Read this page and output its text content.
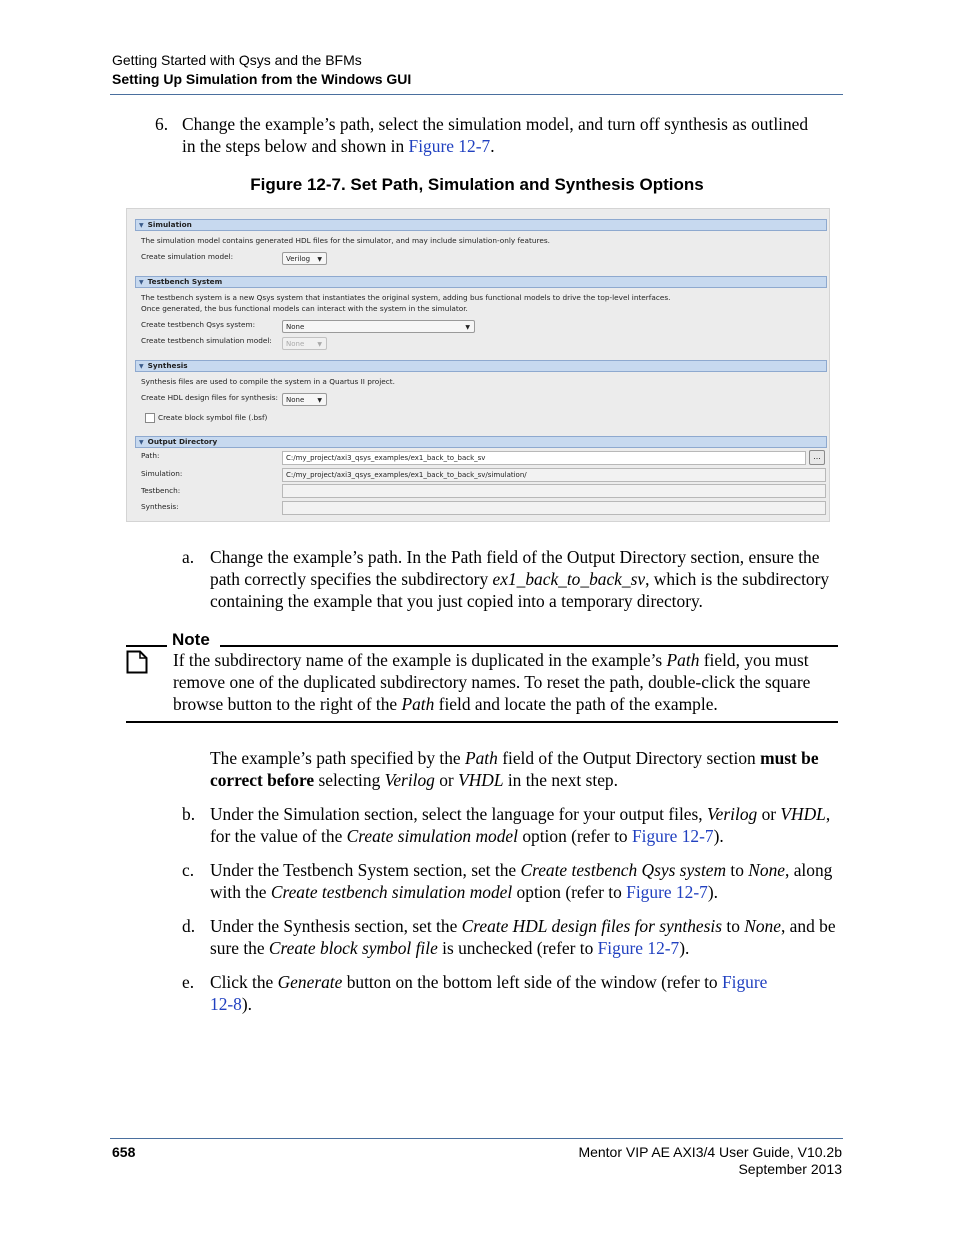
Getting Started with Qsys and the BFMs
Setting Up Simulation from the Windows GUI
6. Change the example’s path, select the simulation model, and turn off synthesis as outlined in the steps below and shown in Figure 12-7.
Figure 12-7. Set Path, Simulation and Synthesis Options
▼ Simulation
The simulation model contains generated HDL files for the simulator, and may include simulation-only features.
Create simulation model:	Verilog ▼
▼ Testbench System
The testbench system is a new Qsys system that instantiates the original system, adding bus functional models to drive the top-level interfaces.
Once generated, the bus functional models can interact with the system in the simulator.
Create testbench Qsys system:	None	▼
Create testbench simulation model:	None ▼
▼ Synthesis
Synthesis files are used to compile the system in a Quartus II project.
Create HDL design files for synthesis:	None ▼
Create block symbol file (.bsf)
▼ Output Directory
Path:	C:/my_project/axi3_qsys_examples/ex1_back_to_back_sv	...
Simulation:	C:/my_project/axi3_qsys_examples/ex1_back_to_back_sv/simulation/
Testbench:
Synthesis:
a. Change the example’s path. In the Path field of the Output Directory section, ensure the path correctly specifies the subdirectory ex1_back_to_back_sv, which is the subdirectory containing the example that you just copied into a temporary directory.
Note
If the subdirectory name of the example is duplicated in the example’s Path field, you must remove one of the duplicated subdirectory names. To reset the path, double-click the square browse button to the right of the Path field and locate the path of the example.
The example’s path specified by the Path field of the Output Directory section must be correct before selecting Verilog or VHDL in the next step.
b. Under the Simulation section, select the language for your output files, Verilog or VHDL, for the value of the Create simulation model option (refer to Figure 12-7).
c. Under the Testbench System section, set the Create testbench Qsys system to None, along with the Create testbench simulation model option (refer to Figure 12-7).
d. Under the Synthesis section, set the Create HDL design files for synthesis to None, and be sure the Create block symbol file is unchecked (refer to Figure 12-7).
e. Click the Generate button on the bottom left side of the window (refer to Figure 12-8).
658	Mentor VIP AE AXI3/4 User Guide, V10.2b
September 2013
